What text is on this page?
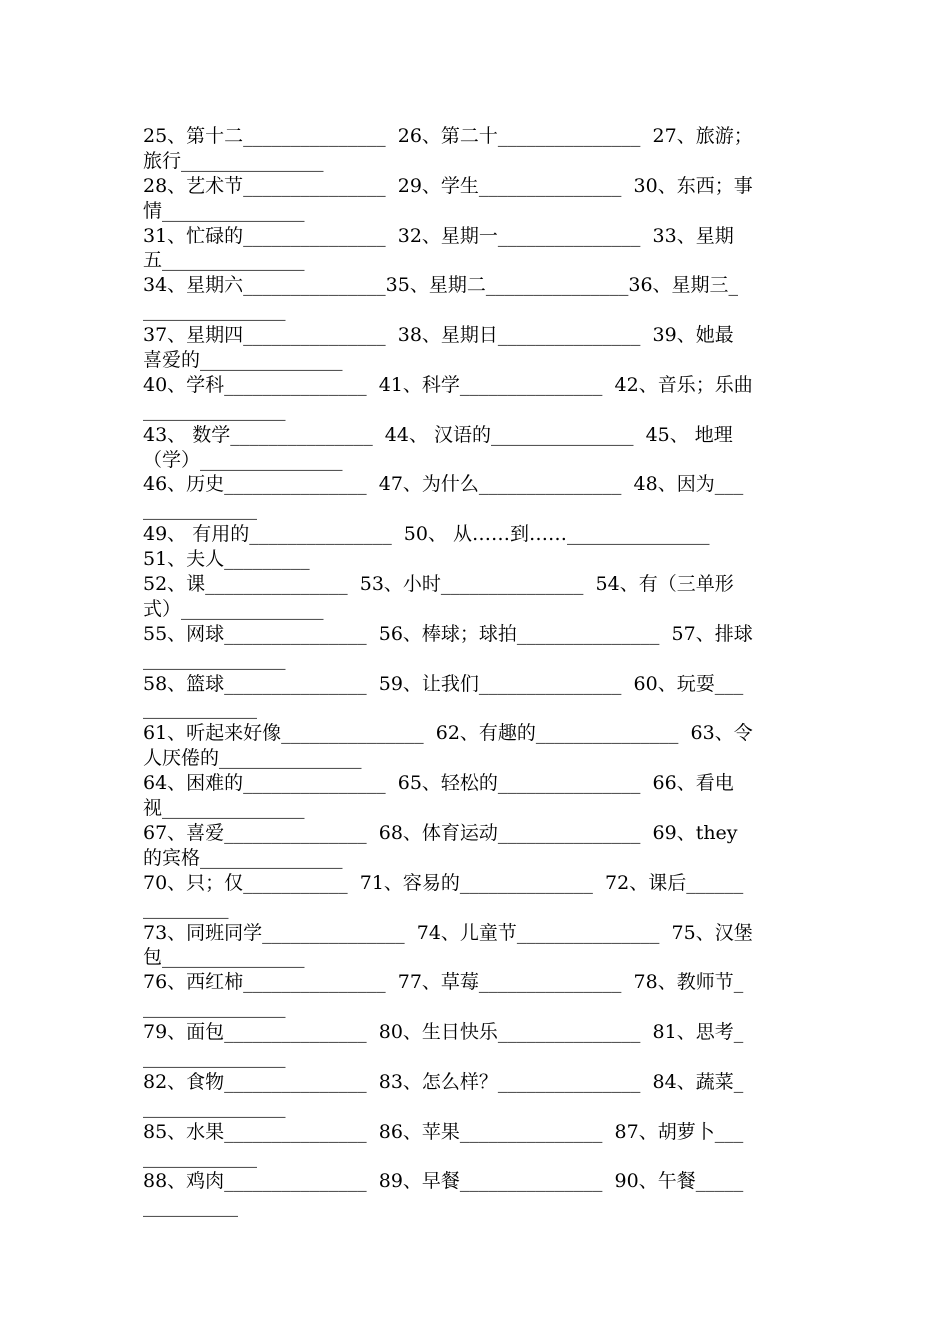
25、第十二_______________  26、第二十_______________  27、旅游；
旅行_______________
28、艺术节_______________  29、学生_______________  30、东西；事
情_______________
31、忙碌的_______________  32、星期一_______________  33、星期
五_______________
34、星期六_______________35、星期二_______________36、星期三_
_______________
37、星期四_______________  38、星期日_______________  39、她最
喜爱的_______________
40、学科_______________  41、科学_______________  42、音乐；乐曲
_______________
43、 数学_______________  44、 汉语的_______________  45、 地理
（学）_______________
46、历史_______________  47、为什么_______________  48、因为___
____________
49、 有用的_______________  50、 从……到……_______________
51、夫人_________
52、课_______________  53、小时_______________  54、有（三单形
式）_______________
55、网球_______________  56、棒球；球拍_______________  57、排球
_______________
58、篮球_______________  59、让我们_______________  60、玩耍___
____________
61、听起来好像_______________  62、有趣的_______________  63、令
人厌倦的_______________
64、困难的_______________  65、轻松的_______________  66、看电
视_______________
67、喜爱_______________  68、体育运动_______________  69、they
的宾格_______________
70、只；仅___________  71、容易的______________  72、课后______
_________
73、同班同学_______________  74、儿童节_______________  75、汉堡
包_______________
76、西红柿_______________  77、草莓_______________  78、教师节_
_______________
79、面包_______________  80、生日快乐_______________  81、思考_
_______________
82、食物_______________  83、怎么样？_______________  84、蔬菜_
_______________
85、水果_______________  86、苹果_______________  87、胡萝卜___
____________
88、鸡肉_______________  89、早餐_______________  90、午餐_____
__________
